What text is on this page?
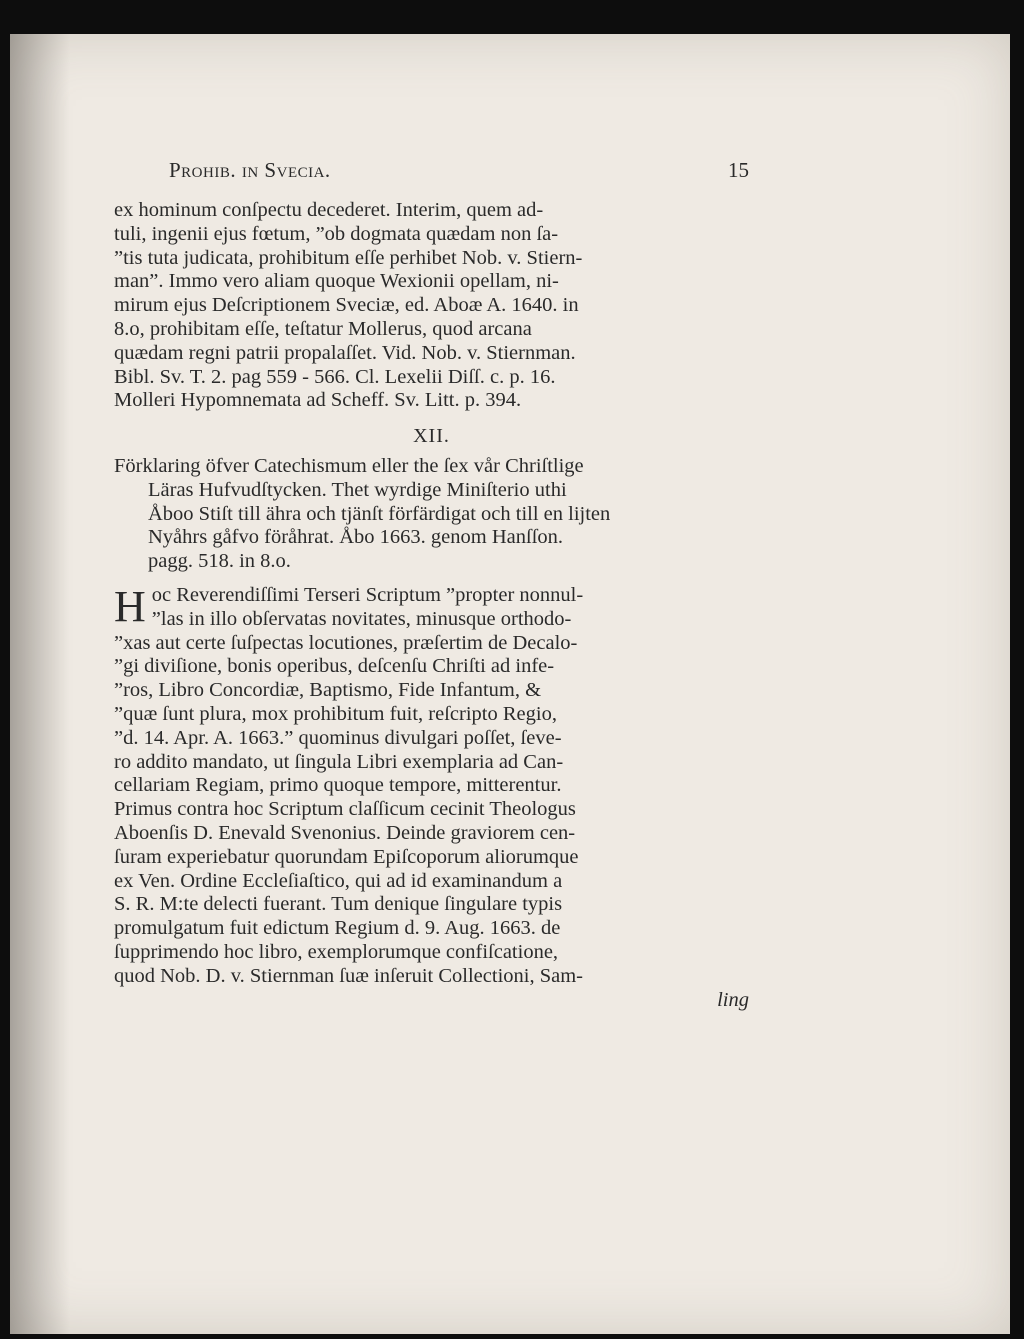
Prohib. in Svecia.	15

ex hominum conſpectu decederet. Interim, quem ad-
tuli, ingenii ejus fœtum, ”ob dogmata quædam non ſa-
”tis tuta judicata, prohibitum eſſe perhibet Nob. v. Stiern-
man”. Immo vero aliam quoque Wexionii opellam, ni-
mirum ejus Deſcriptionem Sveciæ, ed. Aboæ A. 1640. in
8.o, prohibitam eſſe, teſtatur Mollerus, quod arcana
quædam regni patrii propalaſſet. Vid. Nob. v. Stiernman.
Bibl. Sv. T. 2. pag 559 - 566. Cl. Lexelii Diſſ. c. p. 16.
Molleri Hypomnemata ad Scheff. Sv. Litt. p. 394.

XII.
Förklaring öfver Catechismum eller the ſex vår Chriſtlige
Läras Hufvudſtycken. Thet wyrdige Miniſterio uthi
Åboo Stiſt till ähra och tjänſt förfärdigat och till en lijten
Nyåhrs gåfvo föråhrat. Åbo 1663. genom Hanſſon.
pagg. 518. in 8.o.

H oc Reverendiſſimi Terseri Scriptum ”propter nonnul-
”las in illo obſervatas novitates, minusque orthodo-
”xas aut certe ſuſpectas locutiones, præſertim de Decalo-
”gi diviſione, bonis operibus, deſcenſu Chriſti ad infe-
”ros, Libro Concordiæ, Baptismo, Fide Infantum, &
”quæ ſunt plura, mox prohibitum fuit, reſcripto Regio,
”d. 14. Apr. A. 1663.” quominus divulgari poſſet, ſeve-
ro addito mandato, ut ſingula Libri exemplaria ad Can-
cellariam Regiam, primo quoque tempore, mitterentur.
Primus contra hoc Scriptum claſſicum cecinit Theologus
Aboenſis D. Enevald Svenonius. Deinde graviorem cen-
ſuram experiebatur quorundam Epiſcoporum aliorumque
ex Ven. Ordine Eccleſiaſtico, qui ad id examinandum a
S. R. M:te delecti fuerant. Tum denique ſingulare typis
promulgatum fuit edictum Regium d. 9. Aug. 1663. de
ſupprimendo hoc libro, exemplorumque confiſcatione,
quod Nob. D. v. Stiernman ſuæ inſeruit Collectioni, Sam-

ling
